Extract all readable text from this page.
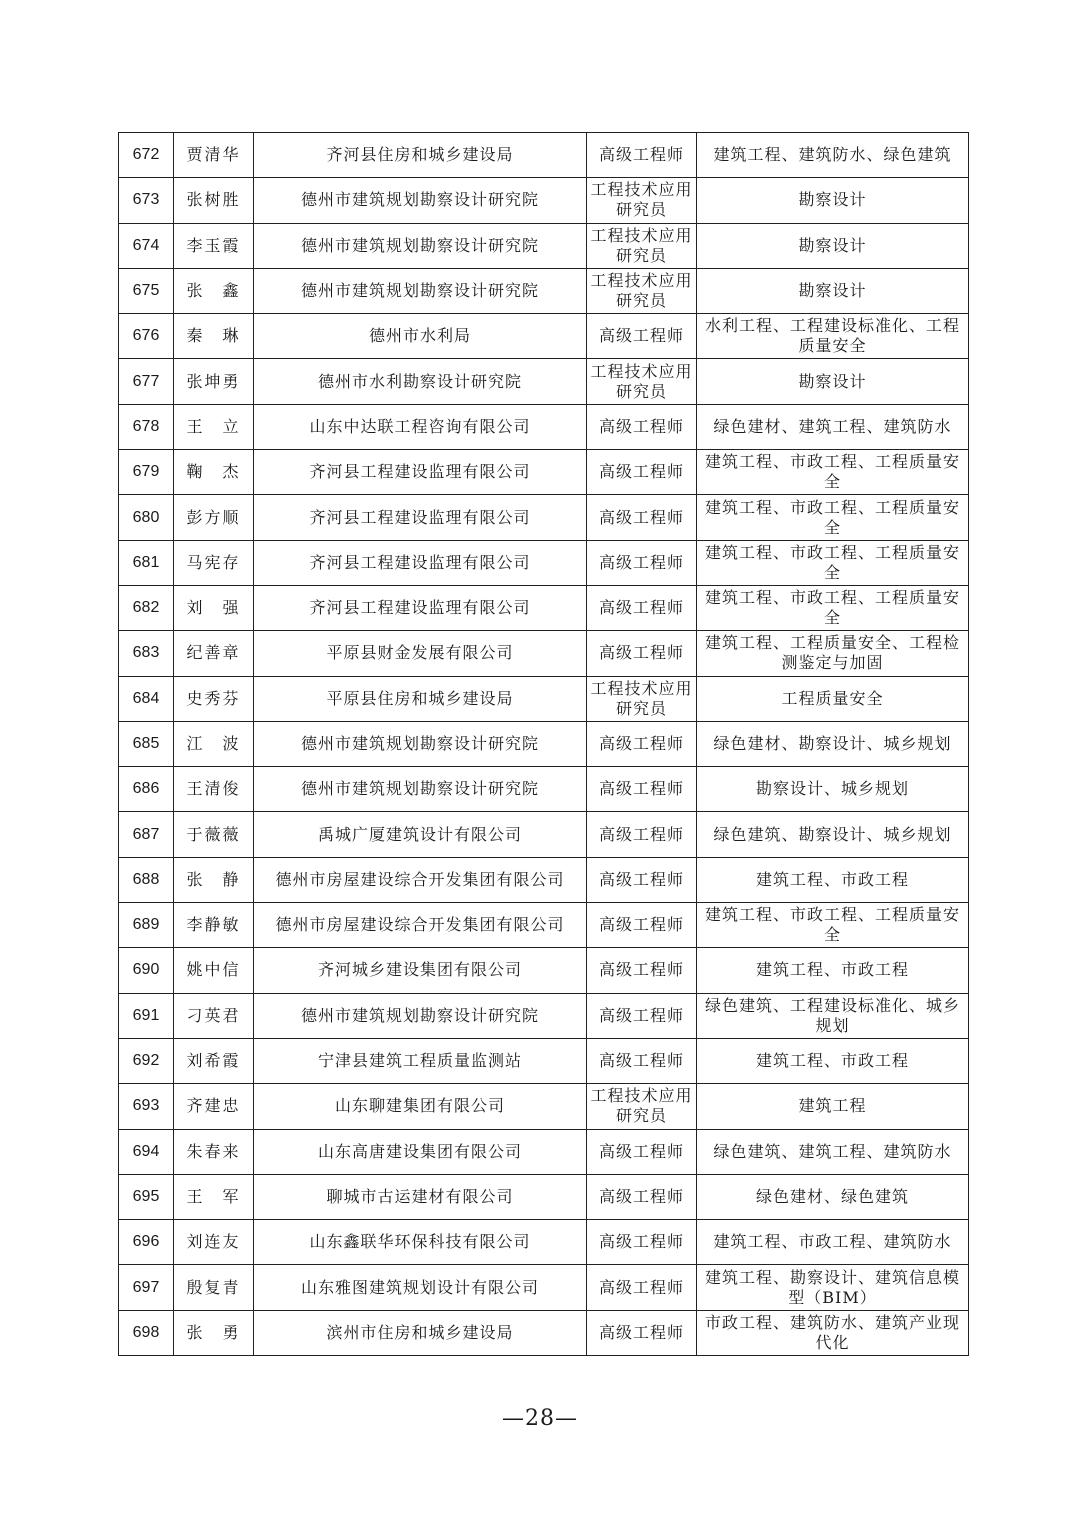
672	贾清华	齐河县住房和城乡建设局	高级工程师	建筑工程、建筑防水、绿色建筑
673	张树胜	德州市建筑规划勘察设计研究院	工程技术应用研究员	勘察设计
674	李玉霞	德州市建筑规划勘察设计研究院	工程技术应用研究员	勘察设计
675	张　鑫	德州市建筑规划勘察设计研究院	工程技术应用研究员	勘察设计
676	秦　琳	德州市水利局	高级工程师	水利工程、工程建设标准化、工程质量安全
677	张坤勇	德州市水利勘察设计研究院	工程技术应用研究员	勘察设计
678	王　立	山东中达联工程咨询有限公司	高级工程师	绿色建材、建筑工程、建筑防水
679	鞠　杰	齐河县工程建设监理有限公司	高级工程师	建筑工程、市政工程、工程质量安全
680	彭方顺	齐河县工程建设监理有限公司	高级工程师	建筑工程、市政工程、工程质量安全
681	马宪存	齐河县工程建设监理有限公司	高级工程师	建筑工程、市政工程、工程质量安全
682	刘　强	齐河县工程建设监理有限公司	高级工程师	建筑工程、市政工程、工程质量安全
683	纪善章	平原县财金发展有限公司	高级工程师	建筑工程、工程质量安全、工程检测鉴定与加固
684	史秀芬	平原县住房和城乡建设局	工程技术应用研究员	工程质量安全
685	江　波	德州市建筑规划勘察设计研究院	高级工程师	绿色建材、勘察设计、城乡规划
686	王清俊	德州市建筑规划勘察设计研究院	高级工程师	勘察设计、城乡规划
687	于薇薇	禹城广厦建筑设计有限公司	高级工程师	绿色建筑、勘察设计、城乡规划
688	张　静	德州市房屋建设综合开发集团有限公司	高级工程师	建筑工程、市政工程
689	李静敏	德州市房屋建设综合开发集团有限公司	高级工程师	建筑工程、市政工程、工程质量安全
690	姚中信	齐河城乡建设集团有限公司	高级工程师	建筑工程、市政工程
691	刁英君	德州市建筑规划勘察设计研究院	高级工程师	绿色建筑、工程建设标准化、城乡规划
692	刘希霞	宁津县建筑工程质量监测站	高级工程师	建筑工程、市政工程
693	齐建忠	山东聊建集团有限公司	工程技术应用研究员	建筑工程
694	朱春来	山东高唐建设集团有限公司	高级工程师	绿色建筑、建筑工程、建筑防水
695	王　军	聊城市古运建材有限公司	高级工程师	绿色建材、绿色建筑
696	刘连友	山东鑫联华环保科技有限公司	高级工程师	建筑工程、市政工程、建筑防水
697	殷复青	山东雅图建筑规划设计有限公司	高级工程师	建筑工程、勘察设计、建筑信息模型（BIM）
698	张　勇	滨州市住房和城乡建设局	高级工程师	市政工程、建筑防水、建筑产业现代化
—28—
